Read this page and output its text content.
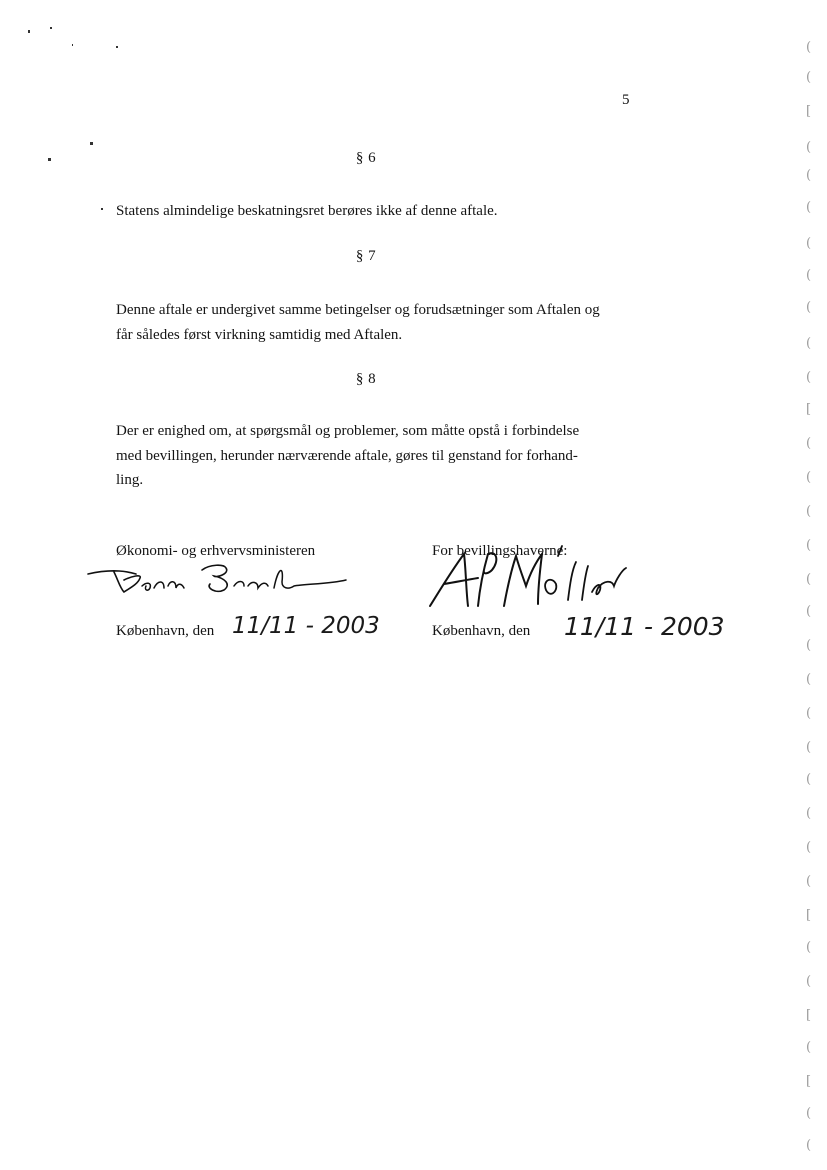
5
§ 6
Statens almindelige beskatningsret berøres ikke af denne aftale.
§ 7
Denne aftale er undergivet samme betingelser og forudsætninger som Aftalen og
får således først virkning samtidig med Aftalen.
§ 8
Der er enighed om, at spørgsmål og problemer, som måtte opstå i forbindelse
med bevillingen, herunder nærværende aftale, gøres til genstand for forhand-
ling.
Økonomi- og erhvervsministeren
København, den 11/11 - 2003
For bevillingshaverne:
København, den 11/11 - 2003
(
(
[
(
(
(
(
(
(
(
(
[
(
(
(
(
(
(
(
(
(
(
(
(
(
(
[
(
(
[
(
[
(
(
